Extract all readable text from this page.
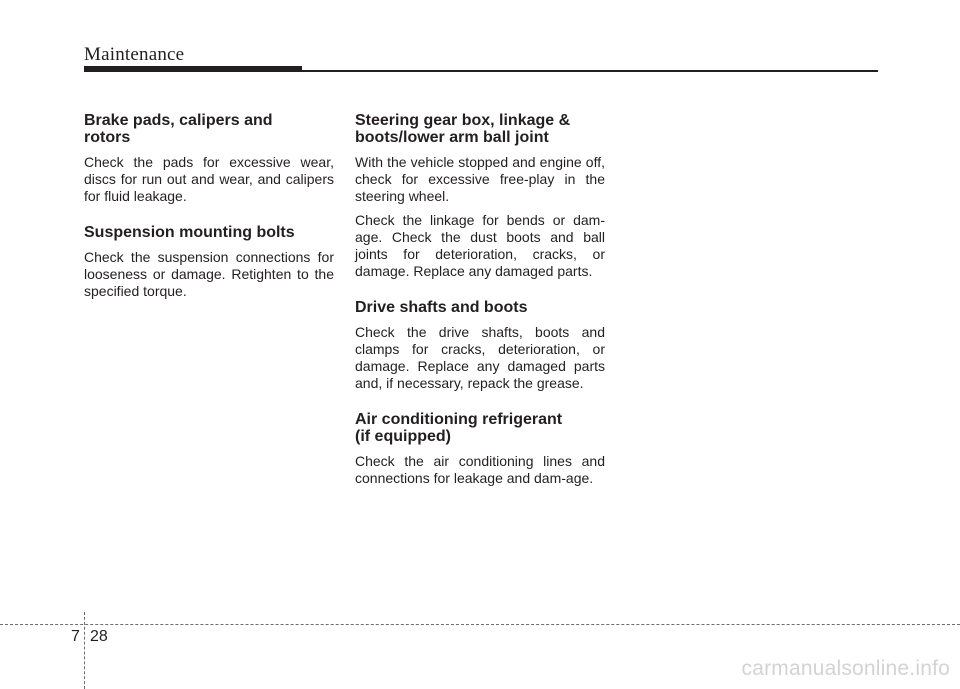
Maintenance
Brake pads, calipers and
rotors

Check the pads for excessive wear, discs for run out and wear, and calipers for fluid leakage.

Suspension mounting bolts

Check the suspension connections for looseness or damage. Retighten to the specified torque.

Steering gear box, linkage &
boots/lower arm ball joint

With the vehicle stopped and engine off, check for excessive free-play in the steering wheel.

Check the linkage for bends or dam-age. Check the dust boots and ball joints for deterioration, cracks, or damage. Replace any damaged parts.

Drive shafts and boots

Check the drive shafts, boots and clamps for cracks, deterioration, or damage. Replace any damaged parts and, if necessary, repack the grease.

Air conditioning refrigerant
(if equipped)

Check the air conditioning lines and connections for leakage and dam-age.

7 28
carmanualsonline.info
